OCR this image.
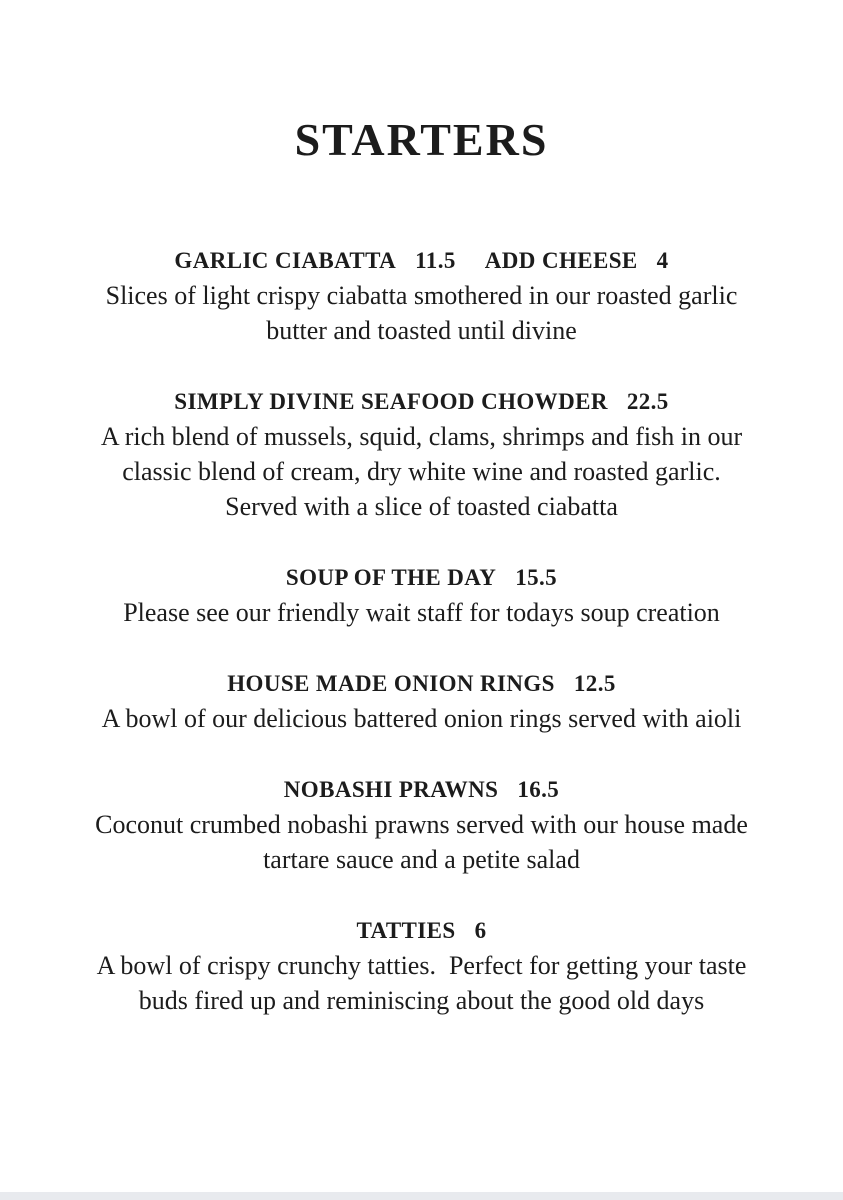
STARTERS
GARLIC CIABATTA 11.5 ADD CHEESE 4
Slices of light crispy ciabatta smothered in our roasted garlic butter and toasted until divine
SIMPLY DIVINE SEAFOOD CHOWDER 22.5
A rich blend of mussels, squid, clams, shrimps and fish in our classic blend of cream, dry white wine and roasted garlic. Served with a slice of toasted ciabatta
SOUP OF THE DAY 15.5
Please see our friendly wait staff for todays soup creation
HOUSE MADE ONION RINGS 12.5
A bowl of our delicious battered onion rings served with aioli
NOBASHI PRAWNS 16.5
Coconut crumbed nobashi prawns served with our house made tartare sauce and a petite salad
TATTIES 6
A bowl of crispy crunchy tatties.  Perfect for getting your taste buds fired up and reminiscing about the good old days
